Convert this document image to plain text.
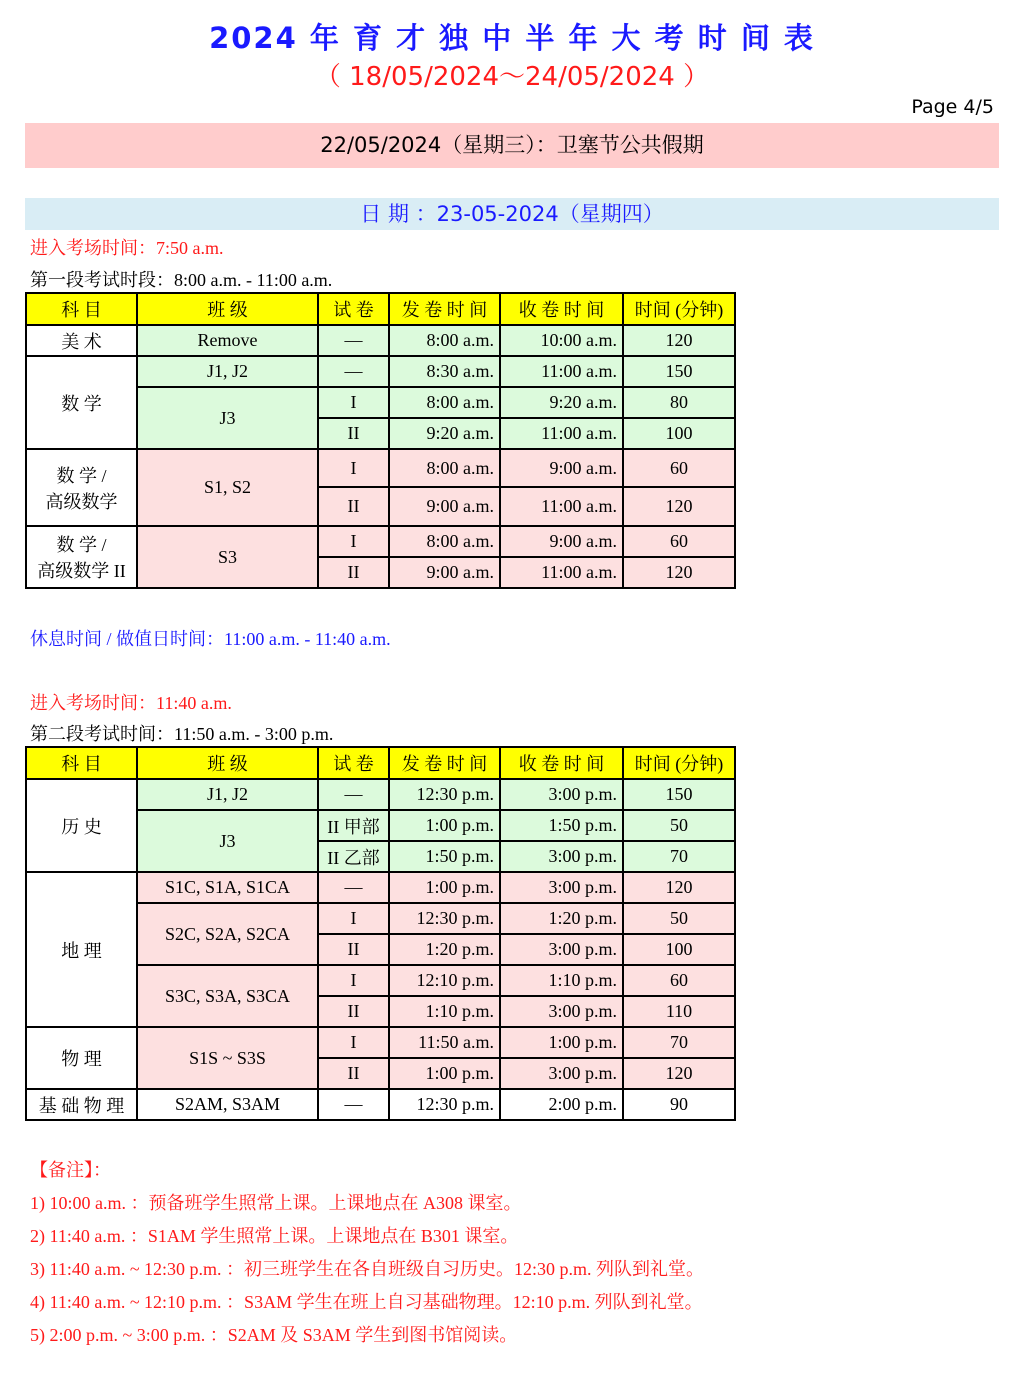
2024 年 育 才 独 中 半 年 大 考 时 间 表
（ 18/05/2024～24/05/2024 ）
Page 4/5
22/05/2024（星期三）：卫塞节公共假期
日 期 ：23-05-2024（星期四）
进入考场时间：7:50 a.m.
第一段考试时段：8:00 a.m. - 11:00 a.m.
科 目	班 级	试 卷	发 卷 时 间	收 卷 时 间	时间 (分钟)
美 术	Remove	—	8:00 a.m.	10:00 a.m.	120
数 学	J1, J2	—	8:30 a.m.	11:00 a.m.	150
	J3	I	8:00 a.m.	9:20 a.m.	80
		II	9:20 a.m.	11:00 a.m.	100

数 学 /
高级数学	S1, S2	I	8:00 a.m.	9:00 a.m.	60
		II	9:00 a.m.	11:00 a.m.	120

数 学 /
高级数学 II	S3	I	8:00 a.m.	9:00 a.m.	60
		II	9:00 a.m.	11:00 a.m.	120
休息时间 / 做值日时间：11:00 a.m. - 11:40 a.m.
进入考场时间：11:40 a.m.
第二段考试时间：11:50 a.m. - 3:00 p.m.
科 目	班 级	试 卷	发 卷 时 间	收 卷 时 间	时间 (分钟)
历 史	J1, J2	—	12:30 p.m.	3:00 p.m.	150
	J3	II 甲部	1:00 p.m.	1:50 p.m.	50
		II 乙部	1:50 p.m.	3:00 p.m.	70
地 理	S1C, S1A, S1CA	—	1:00 p.m.	3:00 p.m.	120
	S2C, S2A, S2CA	I	12:30 p.m.	1:20 p.m.	50
		II	1:20 p.m.	3:00 p.m.	100
	S3C, S3A, S3CA	I	12:10 p.m.	1:10 p.m.	60
		II	1:10 p.m.	3:00 p.m.	110
物 理	S1S ~ S3S	I	11:50 a.m.	1:00 p.m.	70
		II	1:00 p.m.	3:00 p.m.	120
基 础 物 理	S2AM, S3AM	—	12:30 p.m.	2:00 p.m.	90
【备注】：
1) 10:00 a.m. ：预备班学生照常上课。上课地点在 A308 课室。
2) 11:40 a.m. ：S1AM 学生照常上课。上课地点在 B301 课室。
3) 11:40 a.m. ~ 12:30 p.m. ：初三班学生在各自班级自习历史。12:30 p.m. 列队到礼堂。
4) 11:40 a.m. ~ 12:10 p.m. ：S3AM 学生在班上自习基础物理。12:10 p.m. 列队到礼堂。
5) 2:00 p.m. ~ 3:00 p.m. ：S2AM 及 S3AM 学生到图书馆阅读。
